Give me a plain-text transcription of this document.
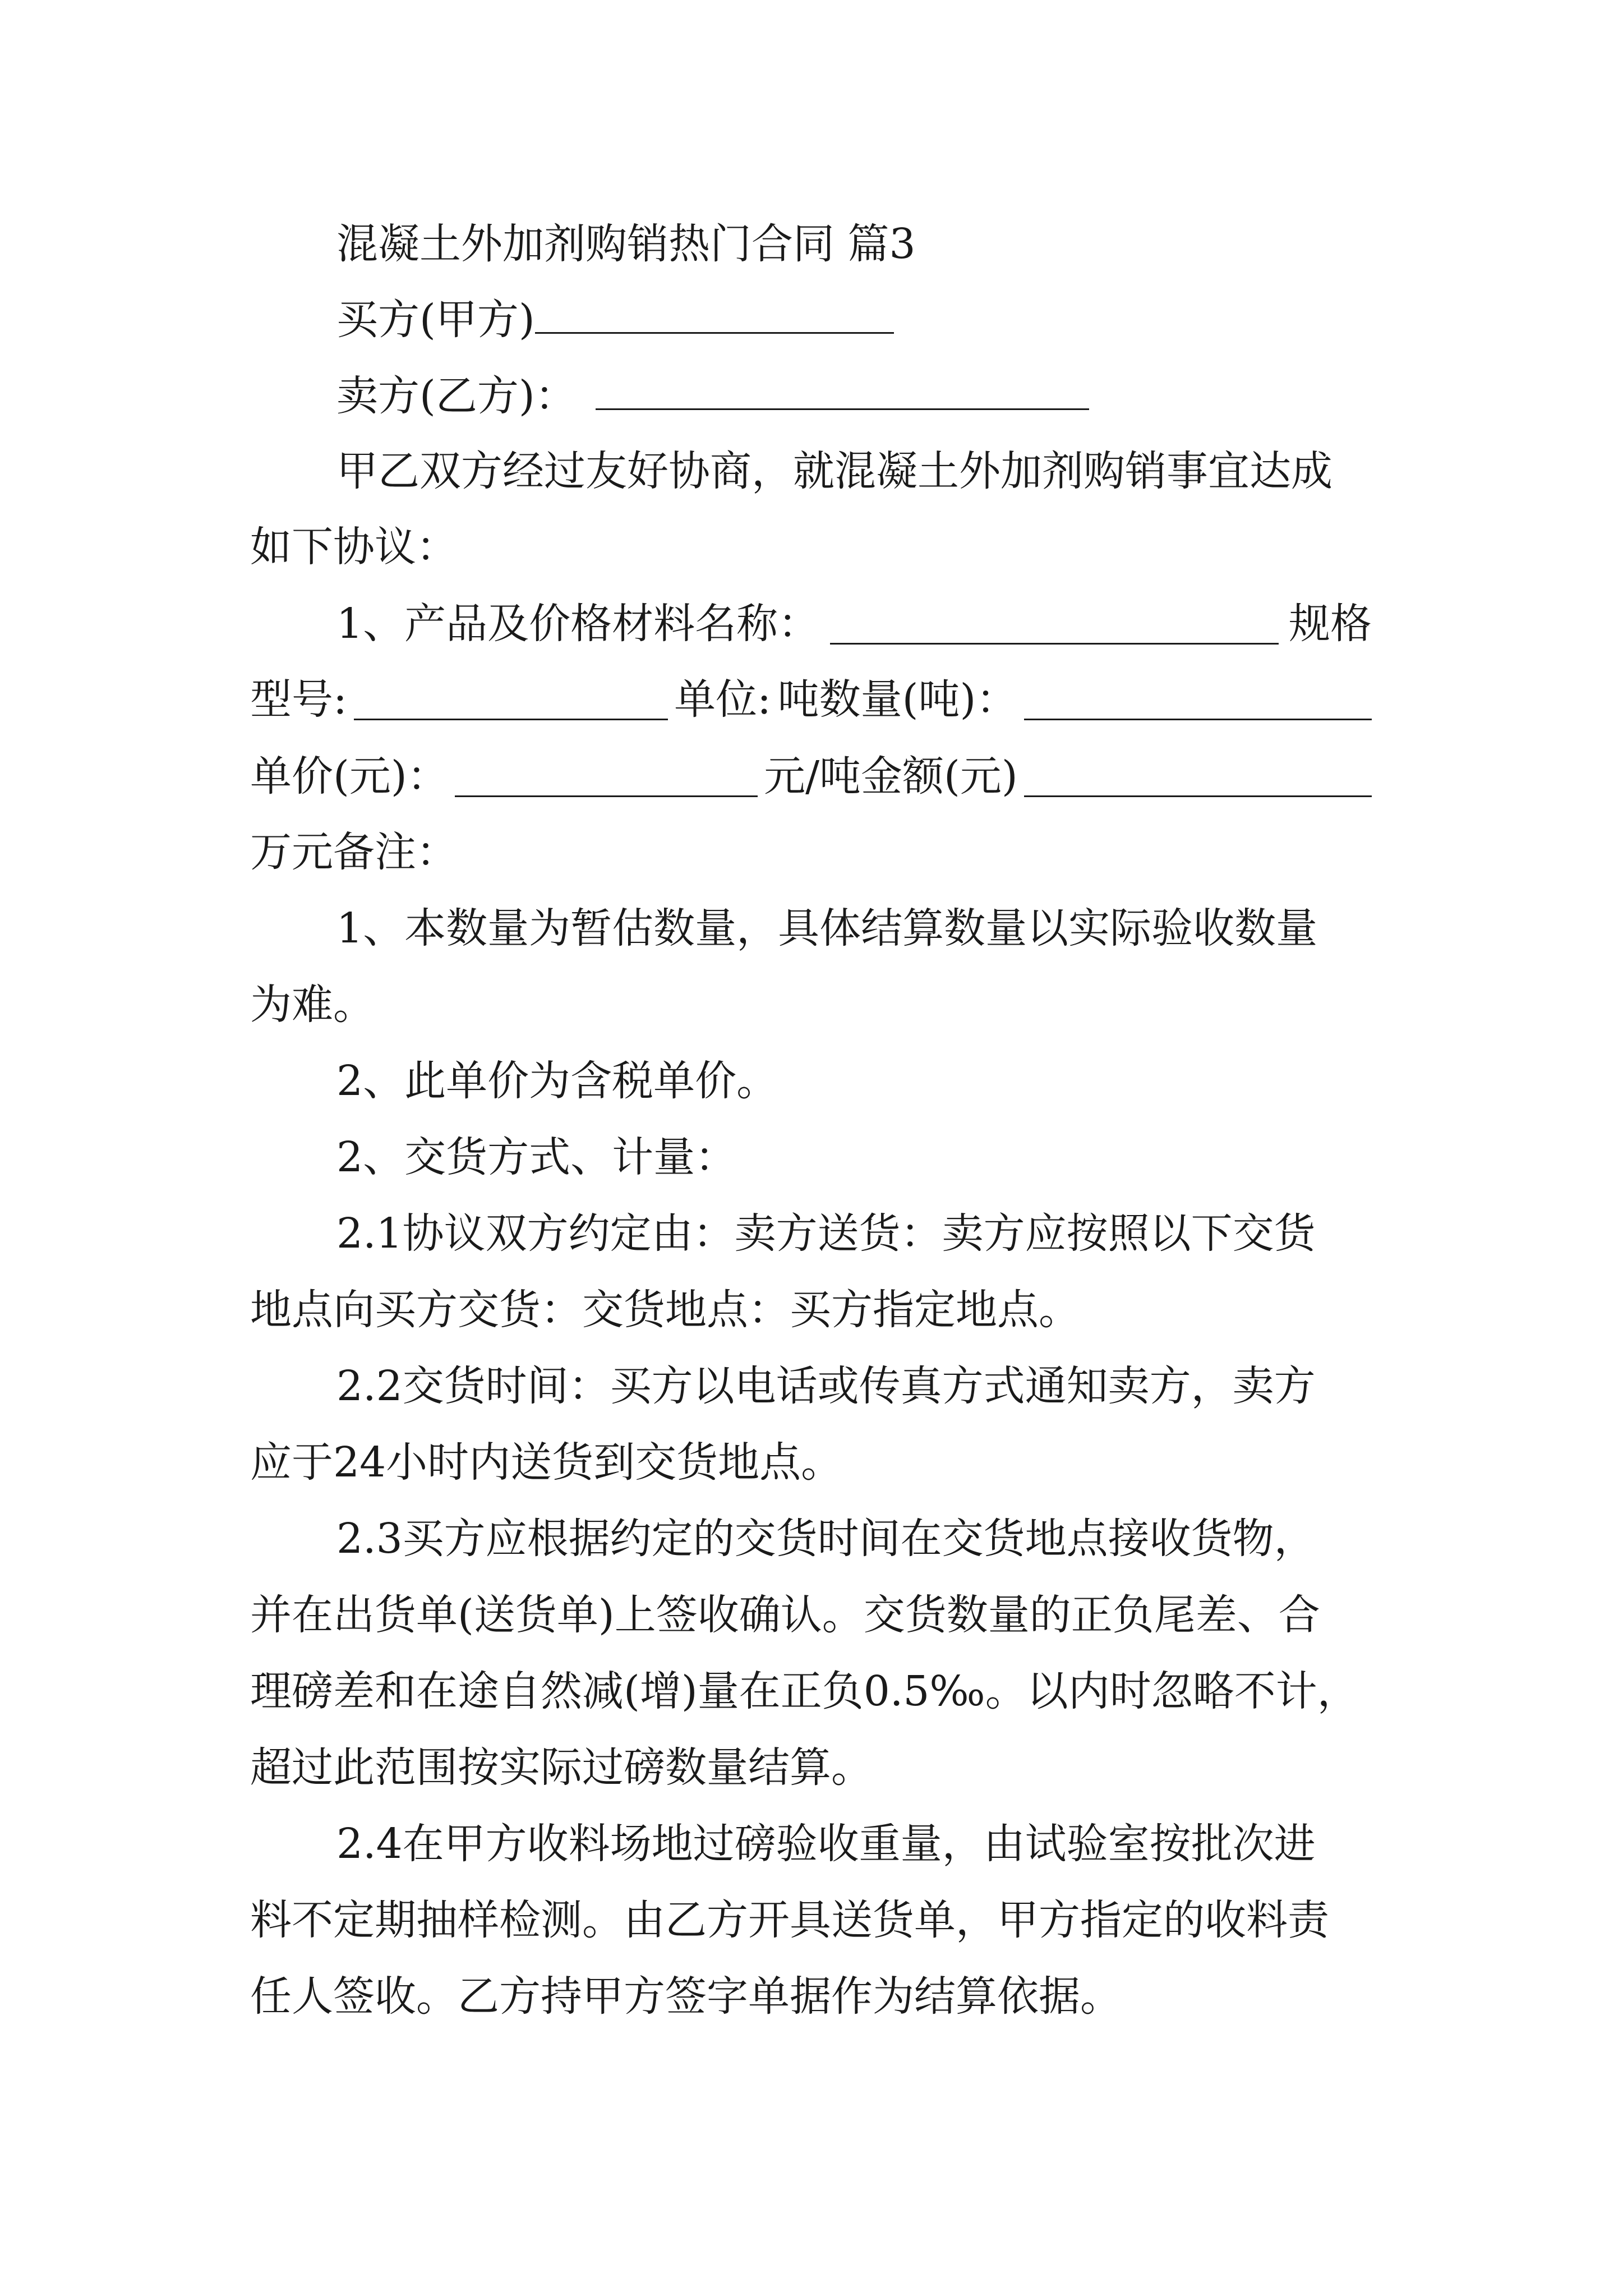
混凝土外加剂购销热门合同 篇3
买方(甲方)
卖方(乙方)：
甲乙双方经过友好协商，就混凝土外加剂购销事宜达成
如下协议：
1、产品及价格材料名称：	规格
型号:	单位: 吨数量(吨)：
单价(元)：	元/吨金额(元)
万元备注：
1、本数量为暂估数量，具体结算数量以实际验收数量
为难。
2、此单价为含税单价。
2、交货方式、计量：
2.1协议双方约定由：卖方送货：卖方应按照以下交货
地点向买方交货：交货地点：买方指定地点。
2.2交货时间：买方以电话或传真方式通知卖方，卖方
应于24小时内送货到交货地点。
2.3买方应根据约定的交货时间在交货地点接收货物，
并在出货单(送货单)上签收确认。交货数量的正负尾差、合
理磅差和在途自然减(增)量在正负0.5‰。以内时忽略不计，
超过此范围按实际过磅数量结算。
2.4在甲方收料场地过磅验收重量，由试验室按批次进
料不定期抽样检测。由乙方开具送货单，甲方指定的收料责
任人签收。乙方持甲方签字单据作为结算依据。
